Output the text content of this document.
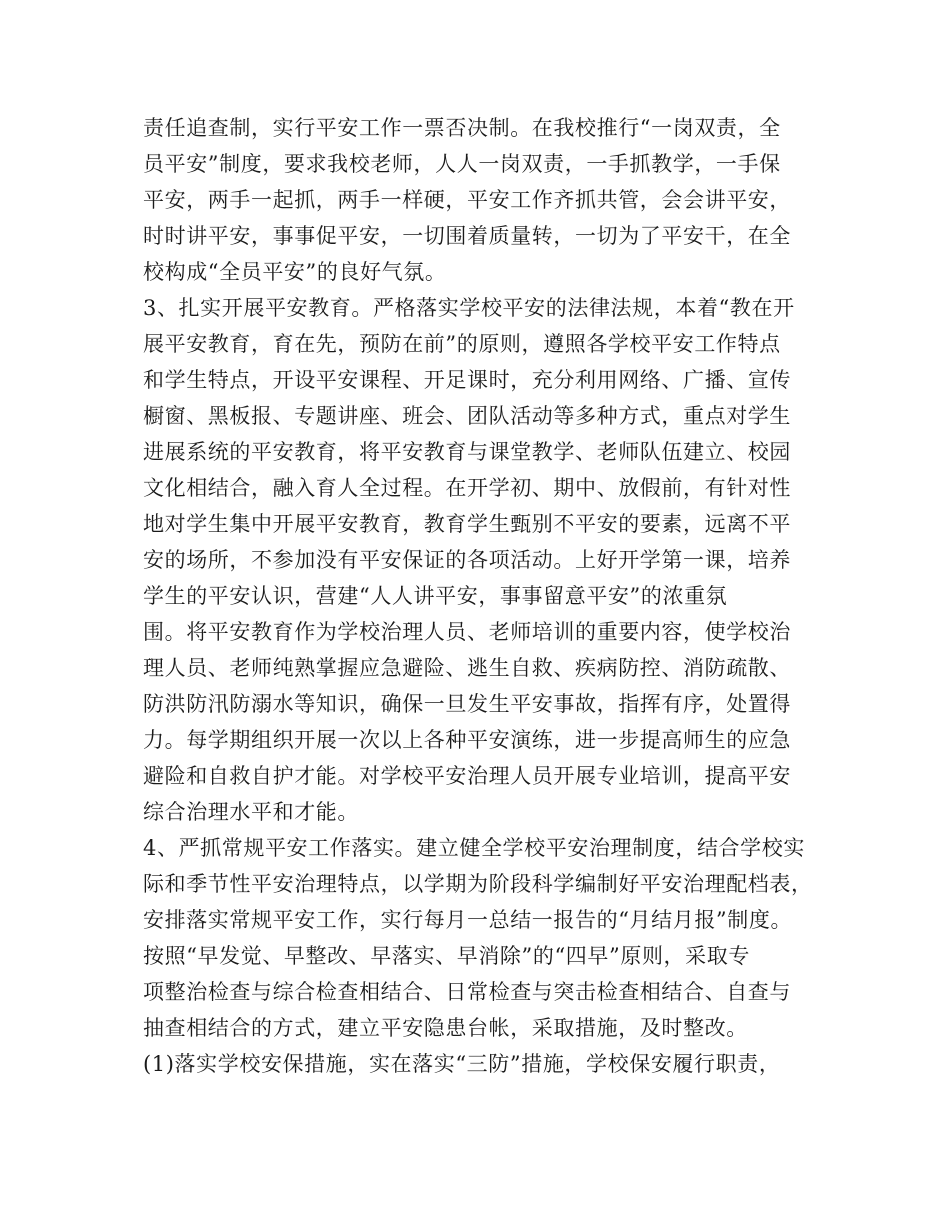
责任追查制，实行平安工作一票否决制。在我校推行“一岗双责，全
员平安”制度，要求我校老师，人人一岗双责，一手抓教学，一手保
平安，两手一起抓，两手一样硬，平安工作齐抓共管，会会讲平安，
时时讲平安，事事促平安，一切围着质量转，一切为了平安干，在全
校构成“全员平安”的良好气氛。
3、扎实开展平安教育。严格落实学校平安的法律法规，本着“教在开
展平安教育，育在先，预防在前”的原则，遵照各学校平安工作特点
和学生特点，开设平安课程、开足课时，充分利用网络、广播、宣传
橱窗、黑板报、专题讲座、班会、团队活动等多种方式，重点对学生
进展系统的平安教育，将平安教育与课堂教学、老师队伍建立、校园
文化相结合，融入育人全过程。在开学初、期中、放假前，有针对性
地对学生集中开展平安教育，教育学生甄别不平安的要素，远离不平
安的场所，不参加没有平安保证的各项活动。上好开学第一课，培养
学生的平安认识，营建“人人讲平安，事事留意平安”的浓重氛
围。将平安教育作为学校治理人员、老师培训的重要内容，使学校治
理人员、老师纯熟掌握应急避险、逃生自救、疾病防控、消防疏散、
防洪防汛防溺水等知识，确保一旦发生平安事故，指挥有序，处置得
力。每学期组织开展一次以上各种平安演练，进一步提高师生的应急
避险和自救自护才能。对学校平安治理人员开展专业培训，提高平安
综合治理水平和才能。
4、严抓常规平安工作落实。建立健全学校平安治理制度，结合学校实
际和季节性平安治理特点，以学期为阶段科学编制好平安治理配档表，
安排落实常规平安工作，实行每月一总结一报告的“月结月报”制度。
按照“早发觉、早整改、早落实、早消除”的“四早”原则，采取专
项整治检查与综合检查相结合、日常检查与突击检查相结合、自查与
抽查相结合的方式，建立平安隐患台帐，采取措施，及时整改。
(1)落实学校安保措施，实在落实“三防”措施，学校保安履行职责，
